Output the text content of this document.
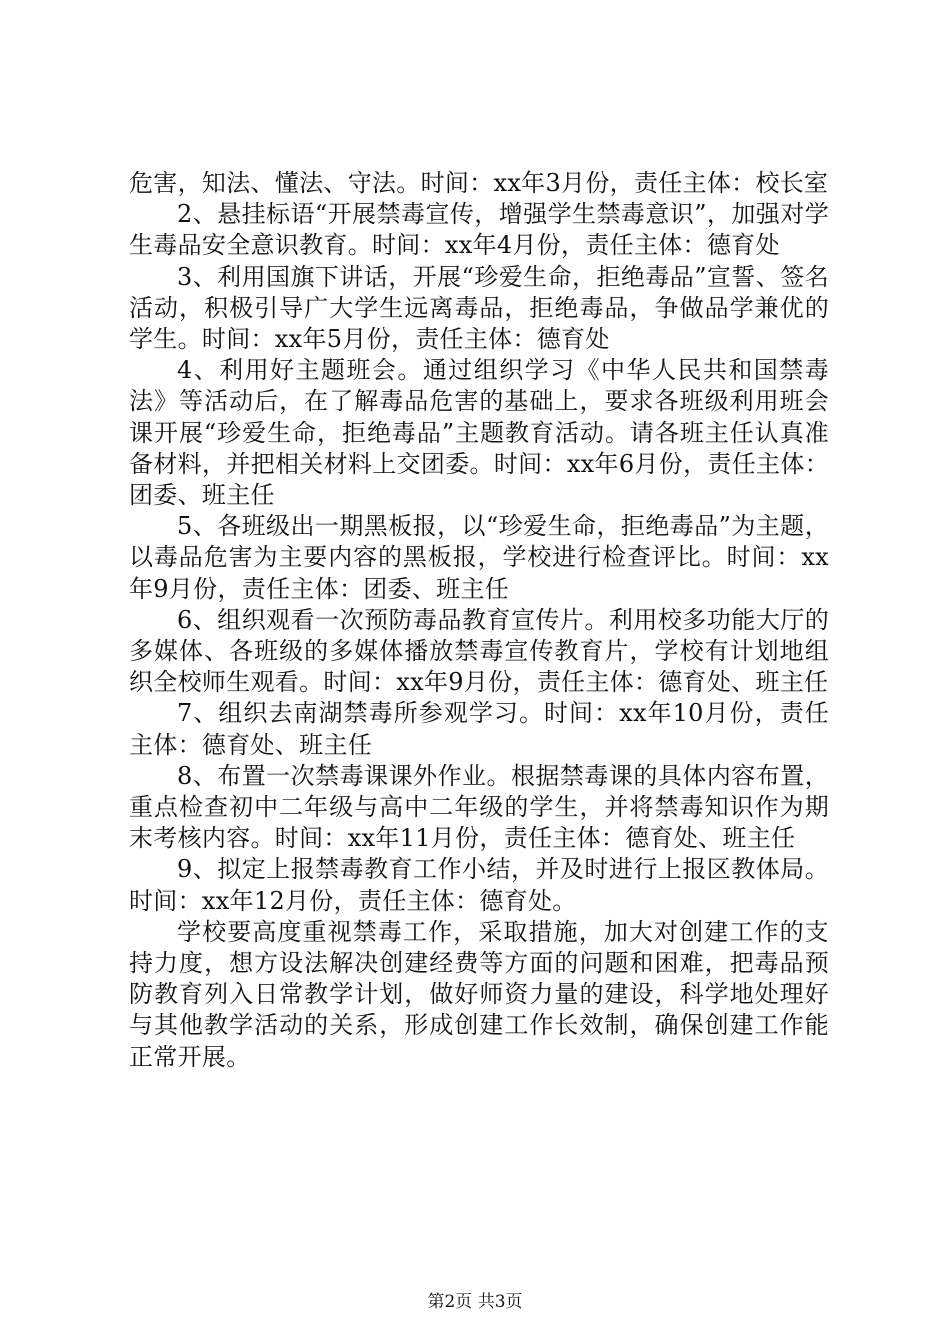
危害，知法、懂法、守法。时间：xx年3月份，责任主体：校长室

2、悬挂标语“开展禁毒宣传，增强学生禁毒意识”，加强对学生毒品安全意识教育。时间：xx年4月份，责任主体：德育处

3、利用国旗下讲话，开展“珍爱生命，拒绝毒品”宣誓、签名活动，积极引导广大学生远离毒品，拒绝毒品，争做品学兼优的学生。时间：xx年5月份，责任主体：德育处

4、利用好主题班会。通过组织学习《中华人民共和国禁毒法》等活动后，在了解毒品危害的基础上，要求各班级利用班会课开展“珍爱生命，拒绝毒品”主题教育活动。请各班主任认真准备材料，并把相关材料上交团委。时间：xx年6月份，责任主体：团委、班主任

5、各班级出一期黑板报，以“珍爱生命，拒绝毒品”为主题，以毒品危害为主要内容的黑板报，学校进行检查评比。时间：xx年9月份，责任主体：团委、班主任

6、组织观看一次预防毒品教育宣传片。利用校多功能大厅的多媒体、各班级的多媒体播放禁毒宣传教育片，学校有计划地组织全校师生观看。时间：xx年9月份，责任主体：德育处、班主任

7、组织去南湖禁毒所参观学习。时间：xx年10月份，责任主体：德育处、班主任

8、布置一次禁毒课课外作业。根据禁毒课的具体内容布置，重点检查初中二年级与高中二年级的学生，并将禁毒知识作为期末考核内容。时间：xx年11月份，责任主体：德育处、班主任

9、拟定上报禁毒教育工作小结，并及时进行上报区教体局。时间：xx年12月份，责任主体：德育处。

学校要高度重视禁毒工作，采取措施，加大对创建工作的支持力度，想方设法解决创建经费等方面的问题和困难，把毒品预防教育列入日常教学计划，做好师资力量的建设，科学地处理好与其他教学活动的关系，形成创建工作长效制，确保创建工作能正常开展。

第2页 共3页
